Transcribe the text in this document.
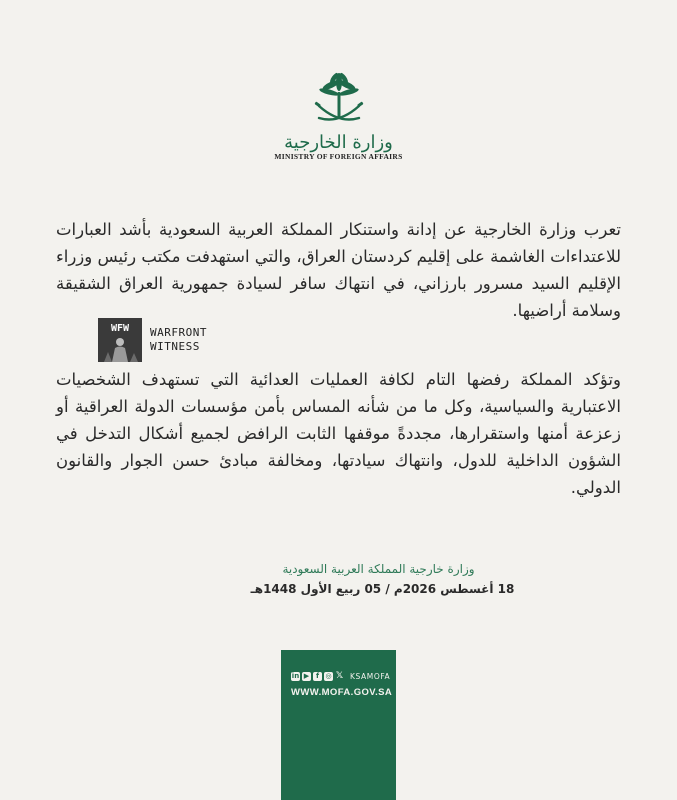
وزارة الخارجية
MINISTRY OF FOREIGN AFFAIRS

تعرب وزارة الخارجية عن إدانة واستنكار المملكة العربية السعودية بأشد العبارات للاعتداءات الغاشمة على إقليم كردستان العراق، والتي استهدفت مكتب رئيس وزراء الإقليم السيد مسرور بارزاني، في انتهاك سافر لسيادة جمهورية العراق الشقيقة وسلامة أراضيها.

WFW WARFRONT
WITNESS

وتؤكد المملكة رفضها التام لكافة العمليات العدائية التي تستهدف الشخصيات الاعتبارية والسياسية، وكل ما من شأنه المساس بأمن مؤسسات الدولة العراقية أو زعزعة أمنها واستقرارها، مجددةً موقفها الثابت الرافض لجميع أشكال التدخل في الشؤون الداخلية للدول، وانتهاك سيادتها، ومخالفة مبادئ حسن الجوار والقانون الدولي.

وزارة خارجية المملكة العربية السعودية
18 أغسطس 2026م / 05 ربيع الأول 1448هـ
in ▶ f ◎ 𝕏 KSAMOFA
WWW.MOFA.GOV.SA
